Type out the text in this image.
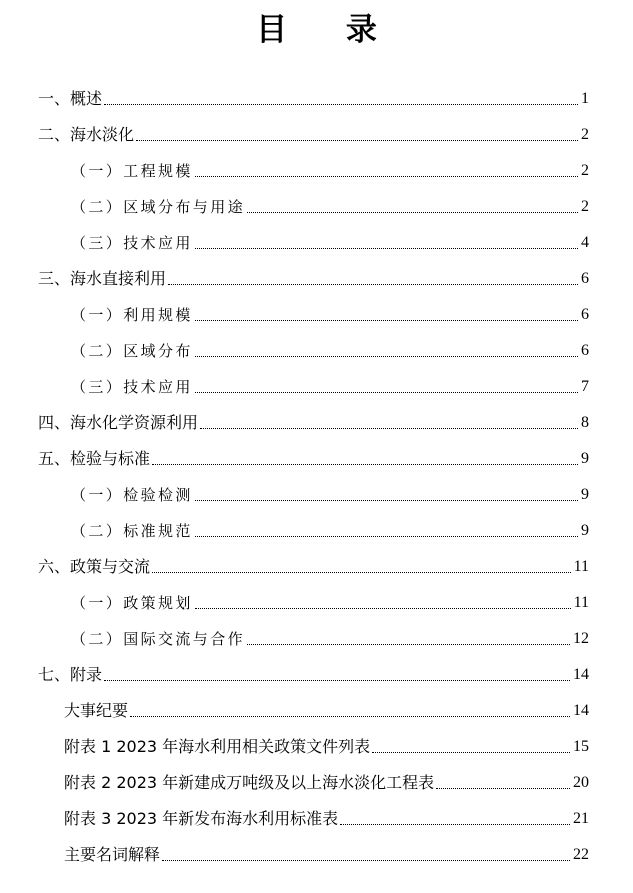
目 录
一、概述	1
二、海水淡化	2
（一）工程规模	2
（二）区域分布与用途	2
（三）技术应用	4
三、海水直接利用	6
（一）利用规模	6
（二）区域分布	6
（三）技术应用	7
四、海水化学资源利用	8
五、检验与标准	9
（一）检验检测	9
（二）标准规范	9
六、政策与交流	11
（一）政策规划	11
（二）国际交流与合作	12
七、附录	14
大事纪要	14
附表 1 2023 年海水利用相关政策文件列表	15
附表 2 2023 年新建成万吨级及以上海水淡化工程表	20
附表 3 2023 年新发布海水利用标准表	21
主要名词解释	22
